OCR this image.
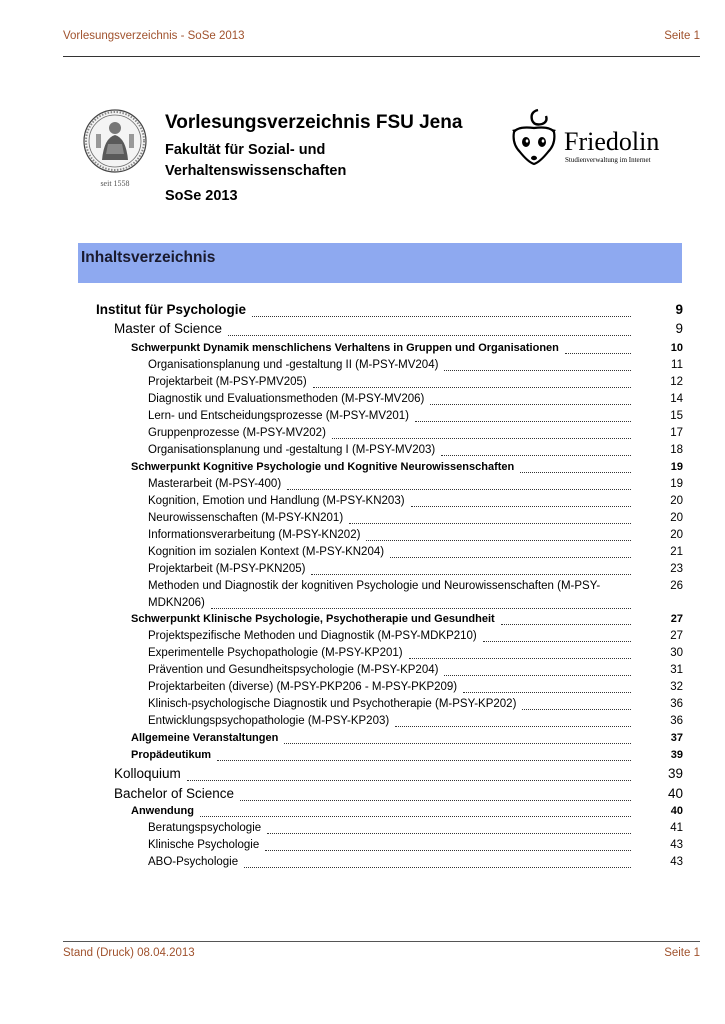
Vorlesungsverzeichnis - SoSe 2013	Seite 1
seit 1558
Vorlesungsverzeichnis FSU Jena
Fakultät für Sozial- und
Verhaltenswissenschaften
SoSe 2013
Friedolin
Studienverwaltung im Internet
Inhaltsverzeichnis
Institut für Psychologie	9
Master of Science	9
Schwerpunkt Dynamik menschlichens Verhaltens in Gruppen und Organisationen	10
Organisationsplanung und -gestaltung II (M-PSY-MV204)	11
Projektarbeit (M-PSY-PMV205)	12
Diagnostik und Evaluationsmethoden (M-PSY-MV206)	14
Lern- und Entscheidungsprozesse (M-PSY-MV201)	15
Gruppenprozesse (M-PSY-MV202)	17
Organisationsplanung und -gestaltung I (M-PSY-MV203)	18
Schwerpunkt Kognitive Psychologie und Kognitive Neurowissenschaften	19
Masterarbeit (M-PSY-400)	19
Kognition, Emotion und Handlung (M-PSY-KN203)	20
Neurowissenschaften (M-PSY-KN201)	20
Informationsverarbeitung (M-PSY-KN202)	20
Kognition im sozialen Kontext (M-PSY-KN204)	21
Projektarbeit (M-PSY-PKN205)	23
Methoden und Diagnostik der kognitiven Psychologie und Neurowissenschaften (M-PSY-	26
MDKN206)
Schwerpunkt Klinische Psychologie, Psychotherapie und Gesundheit	27
Projektspezifische Methoden und Diagnostik (M-PSY-MDKP210)	27
Experimentelle Psychopathologie (M-PSY-KP201)	30
Prävention und Gesundheitspsychologie (M-PSY-KP204)	31
Projektarbeiten (diverse) (M-PSY-PKP206 - M-PSY-PKP209)	32
Klinisch-psychologische Diagnostik und Psychotherapie (M-PSY-KP202)	36
Entwicklungspsychopathologie (M-PSY-KP203)	36
Allgemeine Veranstaltungen	37
Propädeutikum	39
Kolloquium	39
Bachelor of Science	40
Anwendung	40
Beratungspsychologie	41
Klinische Psychologie	43
ABO-Psychologie	43
Stand (Druck) 08.04.2013	Seite 1
